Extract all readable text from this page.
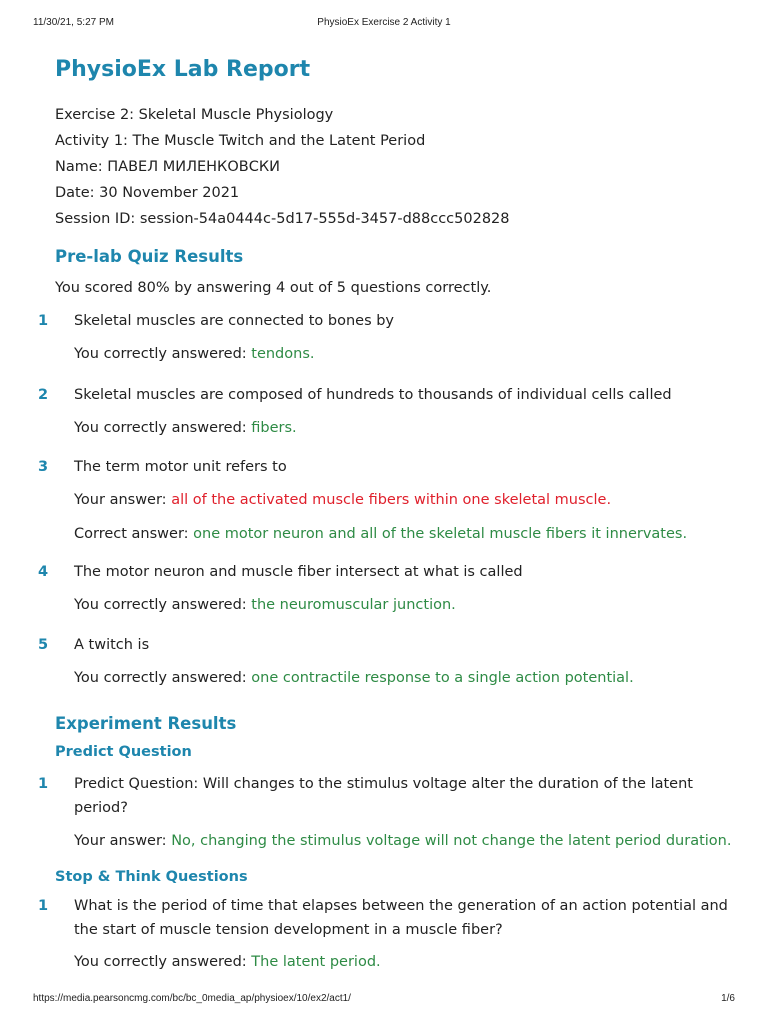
11/30/21, 5:27 PM	PhysioEx Exercise 2 Activity 1
PhysioEx Lab Report
Exercise 2: Skeletal Muscle Physiology
Activity 1: The Muscle Twitch and the Latent Period
Name: ПАВЕЛ МИЛЕНКОВСКИ
Date: 30 November 2021
Session ID: session-54a0444c-5d17-555d-3457-d88ccc502828
Pre-lab Quiz Results
You scored 80% by answering 4 out of 5 questions correctly.
1 Skeletal muscles are connected to bones by
You correctly answered: tendons.
2 Skeletal muscles are composed of hundreds to thousands of individual cells called
You correctly answered: fibers.
3 The term motor unit refers to
Your answer: all of the activated muscle fibers within one skeletal muscle.
Correct answer: one motor neuron and all of the skeletal muscle fibers it innervates.
4 The motor neuron and muscle fiber intersect at what is called
You correctly answered: the neuromuscular junction.
5 A twitch is
You correctly answered: one contractile response to a single action potential.
Experiment Results
Predict Question
1 Predict Question: Will changes to the stimulus voltage alter the duration of the latent period?
Your answer: No, changing the stimulus voltage will not change the latent period duration.
Stop & Think Questions
1 What is the period of time that elapses between the generation of an action potential and the start of muscle tension development in a muscle fiber?
You correctly answered: The latent period.
https://media.pearsoncmg.com/bc/bc_0media_ap/physioex/10/ex2/act1/	1/6
